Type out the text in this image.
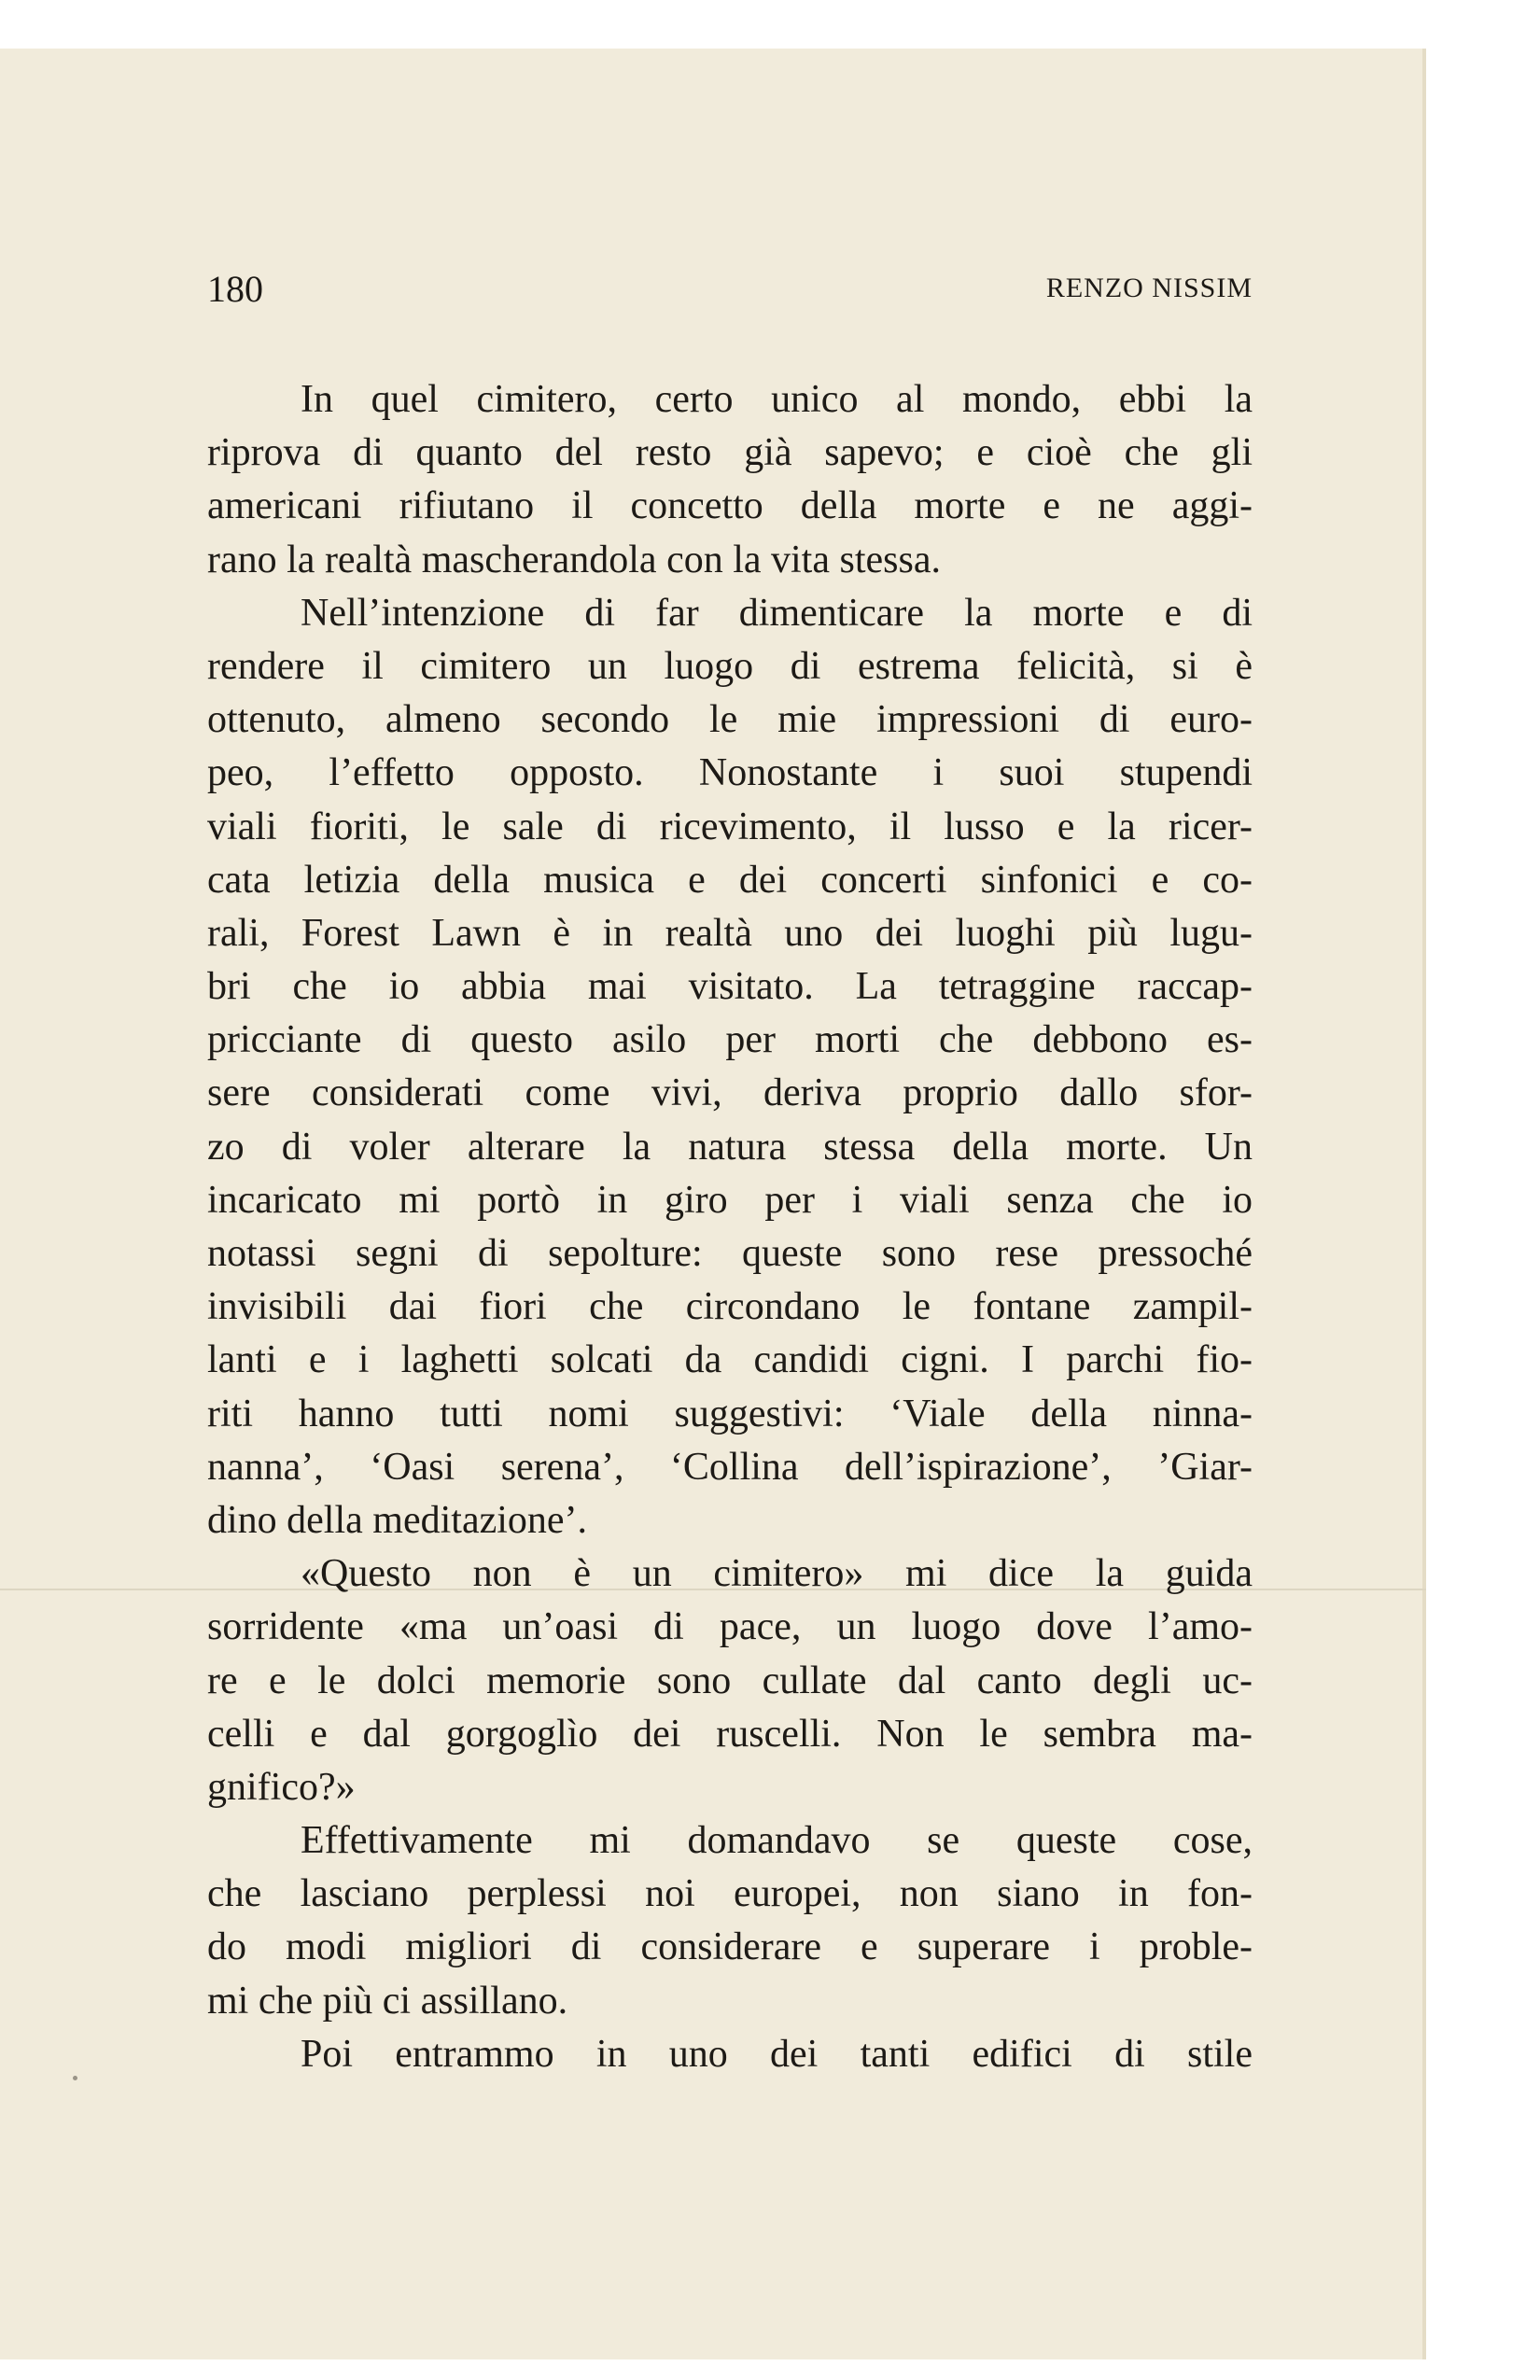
180	RENZO NISSIM
In quel cimitero, certo unico al mondo, ebbi la
riprova di quanto del resto già sapevo; e cioè che gli
americani rifiutano il concetto della morte e ne aggi-
rano la realtà mascherandola con la vita stessa.
Nell’intenzione di far dimenticare la morte e di
rendere il cimitero un luogo di estrema felicità, si è
ottenuto, almeno secondo le mie impressioni di euro-
peo, l’effetto opposto. Nonostante i suoi stupendi
viali fioriti, le sale di ricevimento, il lusso e la ricer-
cata letizia della musica e dei concerti sinfonici e co-
rali, Forest Lawn è in realtà uno dei luoghi più lugu-
bri che io abbia mai visitato. La tetraggine raccap-
pricciante di questo asilo per morti che debbono es-
sere considerati come vivi, deriva proprio dallo sfor-
zo di voler alterare la natura stessa della morte. Un
incaricato mi portò in giro per i viali senza che io
notassi segni di sepolture: queste sono rese pressoché
invisibili dai fiori che circondano le fontane zampil-
lanti e i laghetti solcati da candidi cigni. I parchi fio-
riti hanno tutti nomi suggestivi: ‘Viale della ninna-
nanna’, ‘Oasi serena’, ‘Collina dell’ispirazione’, ’Giar-
dino della meditazione’.
«Questo non è un cimitero» mi dice la guida
sorridente «ma un’oasi di pace, un luogo dove l’amo-
re e le dolci memorie sono cullate dal canto degli uc-
celli e dal gorgoglìo dei ruscelli. Non le sembra ma-
gnifico?»
Effettivamente mi domandavo se queste cose,
che lasciano perplessi noi europei, non siano in fon-
do modi migliori di considerare e superare i proble-
mi che più ci assillano.
Poi entrammo in uno dei tanti edifici di stile
